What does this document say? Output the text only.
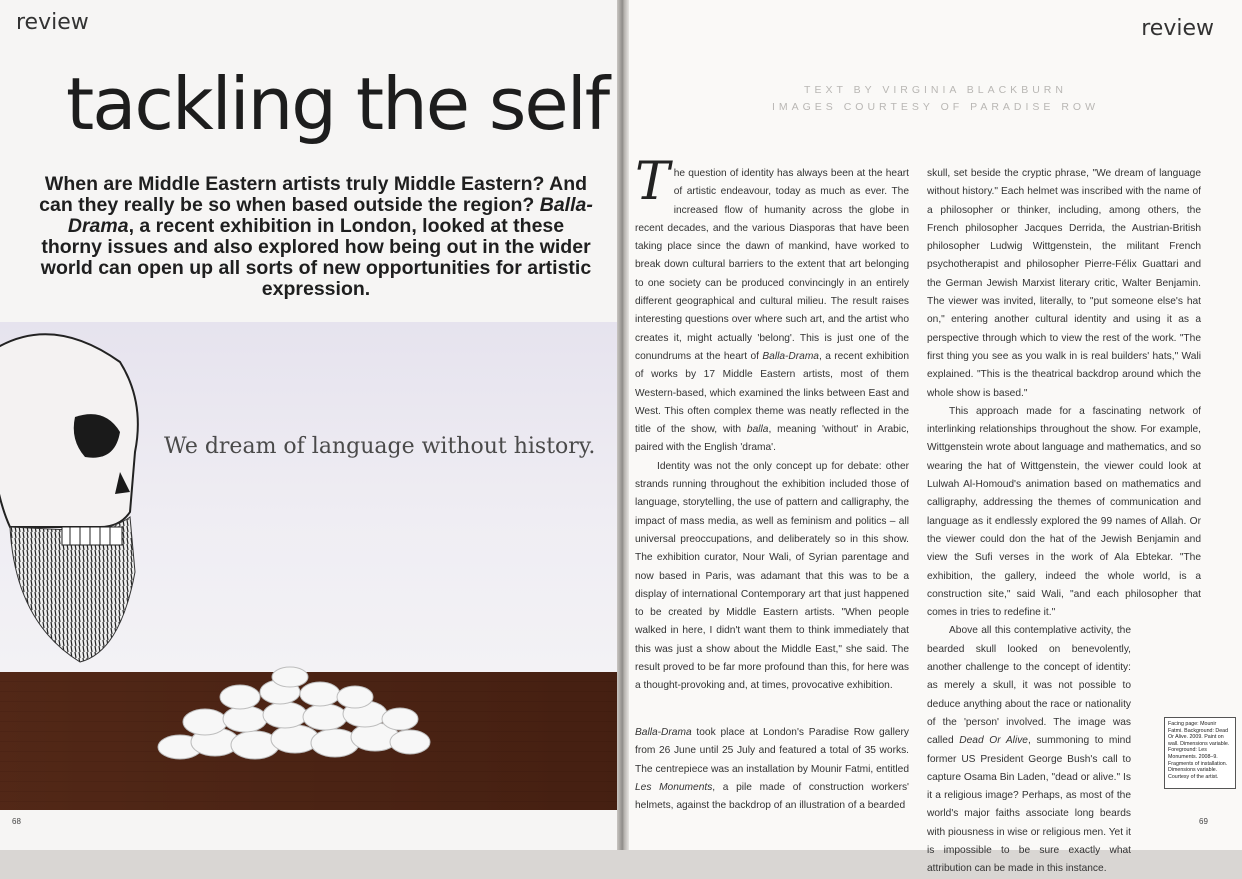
review
tackling the self
When are Middle Eastern artists truly Middle Eastern? And can they really be so when based outside the region? Balla-Drama, a recent exhibition in London, looked at these thorny issues and also explored how being out in the wider world can open up all sorts of new opportunities for artistic expression.
We dream of language without history.
68
review
TEXT BY VIRGINIA BLACKBURN
IMAGES COURTESY OF PARADISE ROW

The question of identity has always been at the heart of artistic endeavour, today as much as ever. The increased flow of humanity across the globe in recent decades, and the various Diasporas that have been taking place since the dawn of mankind, have worked to break down cultural barriers to the extent that art belonging to one society can be produced convincingly in an entirely different geographical and cultural milieu. The result raises interesting questions over where such art, and the artist who creates it, might actually 'belong'. This is just one of the conundrums at the heart of Balla-Drama, a recent exhibition of works by 17 Middle Eastern artists, most of them Western-based, which examined the links between East and West. This often complex theme was neatly reflected in the title of the show, with balla, meaning 'without' in Arabic, paired with the English 'drama'.

Identity was not the only concept up for debate: other strands running throughout the exhibition included those of language, storytelling, the use of pattern and calligraphy, the impact of mass media, as well as feminism and politics – all universal preoccupations, and deliberately so in this show. The exhibition curator, Nour Wali, of Syrian parentage and now based in Paris, was adamant that this was to be a display of international Contemporary art that just happened to be created by Middle Eastern artists. "When people walked in here, I didn't want them to think immediately that this was just a show about the Middle East," she said. The result proved to be far more profound than this, for here was a thought-provoking and, at times, provocative exhibition.

Balla-Drama took place at London's Paradise Row gallery from 26 June until 25 July and featured a total of 35 works. The centrepiece was an installation by Mounir Fatmi, entitled Les Monuments, a pile made of construction workers' helmets, against the backdrop of an illustration of a bearded

skull, set beside the cryptic phrase, "We dream of language without history." Each helmet was inscribed with the name of a philosopher or thinker, including, among others, the French philosopher Jacques Derrida, the Austrian-British philosopher Ludwig Wittgenstein, the militant French psychotherapist and philosopher Pierre-Félix Guattari and the German Jewish Marxist literary critic, Walter Benjamin. The viewer was invited, literally, to "put someone else's hat on," entering another cultural identity and using it as a perspective through which to view the rest of the work. "The first thing you see as you walk in is real builders' hats," Wali explained. "This is the theatrical backdrop around which the whole show is based."

This approach made for a fascinating network of interlinking relationships throughout the show. For example, Wittgenstein wrote about language and mathematics, and so wearing the hat of Wittgenstein, the viewer could look at Lulwah Al-Homoud's animation based on mathematics and calligraphy, addressing the themes of communication and language as it endlessly explored the 99 names of Allah. Or the viewer could don the hat of the Jewish Benjamin and view the Sufi verses in the work of Ala Ebtekar. "The exhibition, the gallery, indeed the whole world, is a construction site," said Wali, "and each philosopher that comes in tries to redefine it."

Above all this contemplative activity, the bearded skull looked on benevolently, another challenge to the concept of identity: as merely a skull, it was not possible to deduce anything about the race or nationality of the 'person' involved. The image was called Dead Or Alive, summoning to mind former US President George Bush's call to capture Osama Bin Laden, "dead or alive." Is it a religious image? Perhaps, as most of the world's major faiths associate long beards with piousness in wise or religious men. Yet it is impossible to be sure exactly what attribution can be made in this instance.

Facing page: Mounir Fatmi. Background: Dead Or Alive. 2009. Paint on wall. Dimensions variable. Foreground: Les Monuments. 2008–9. Fragments of installation. Dimensions variable. Courtesy of the artist.
69
